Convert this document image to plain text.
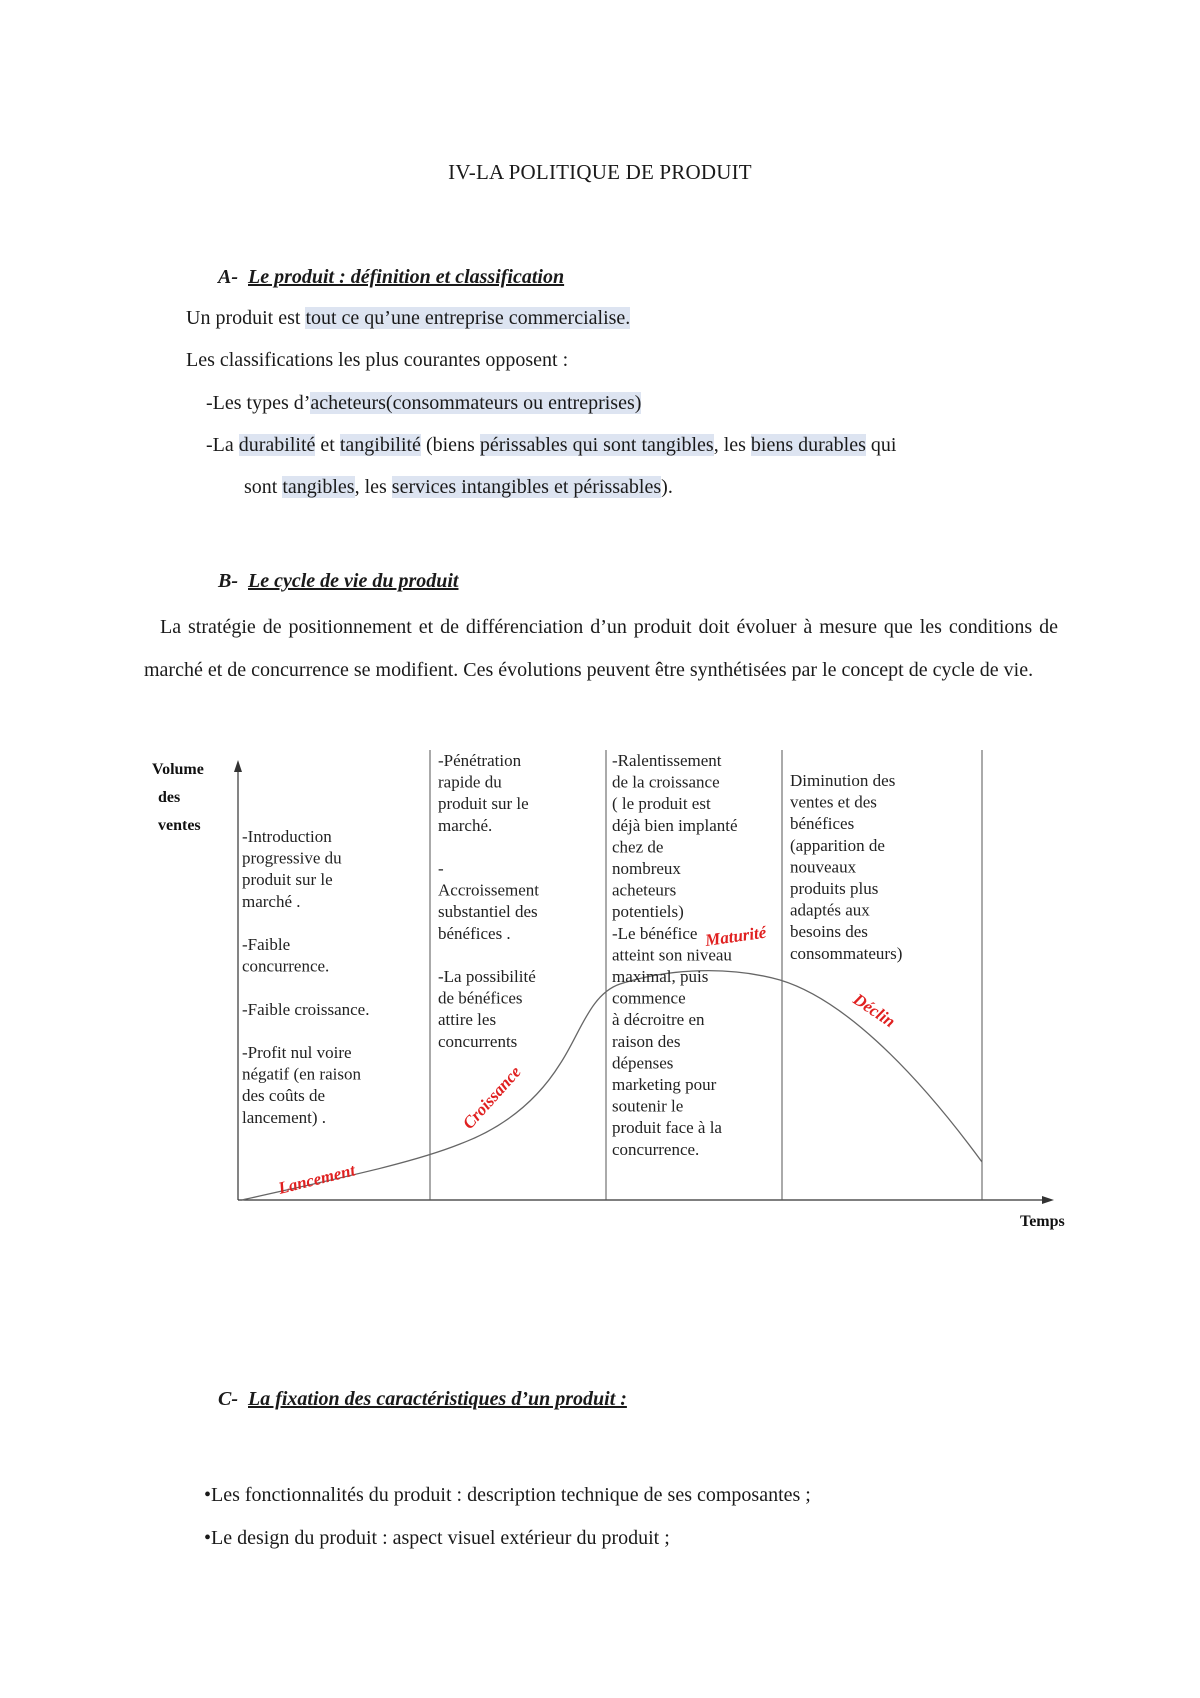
IV-LA POLITIQUE DE PRODUIT
A- Le produit : définition et classification
Un produit est tout ce qu’une entreprise commercialise.
Les classifications les plus courantes opposent :
-Les types d’acheteurs(consommateurs ou entreprises)
-La durabilité et tangibilité (biens périssables qui sont tangibles, les biens durables qui
sont tangibles, les services intangibles et périssables).
B- Le cycle de vie du produit
La stratégie de positionnement et de différenciation d’un produit doit évoluer à mesure que les conditions de marché et de concurrence se modifient. Ces évolutions peuvent être synthétisées par le concept de cycle de vie.
Volume
des
ventes
Temps
Lancement
Croissance
Maturité
Déclin
-Introduction
progressive du
produit sur le
marché .
-Faible
concurrence.
-Faible croissance.
-Profit nul voire
négatif (en raison
des coûts de
lancement) .
-Pénétration
rapide du
produit sur le
marché.
-
Accroissement
substantiel des
bénéfices .
-La possibilité
de bénéfices
attire les
concurrents
-Ralentissement
de la croissance
( le produit est
déjà bien implanté
chez de
nombreux
acheteurs
potentiels)
-Le bénéfice
atteint son niveau
maximal, puis
commence
à décroitre en
raison des
dépenses
marketing pour
soutenir le
produit face à la
concurrence.
Diminution des
ventes et des
bénéfices
(apparition de
nouveaux
produits plus
adaptés aux
besoins des
consommateurs)
C- La fixation des caractéristiques d’un produit :
•Les fonctionnalités du produit : description technique de ses composantes ;
•Le design du produit : aspect visuel extérieur du produit ;
